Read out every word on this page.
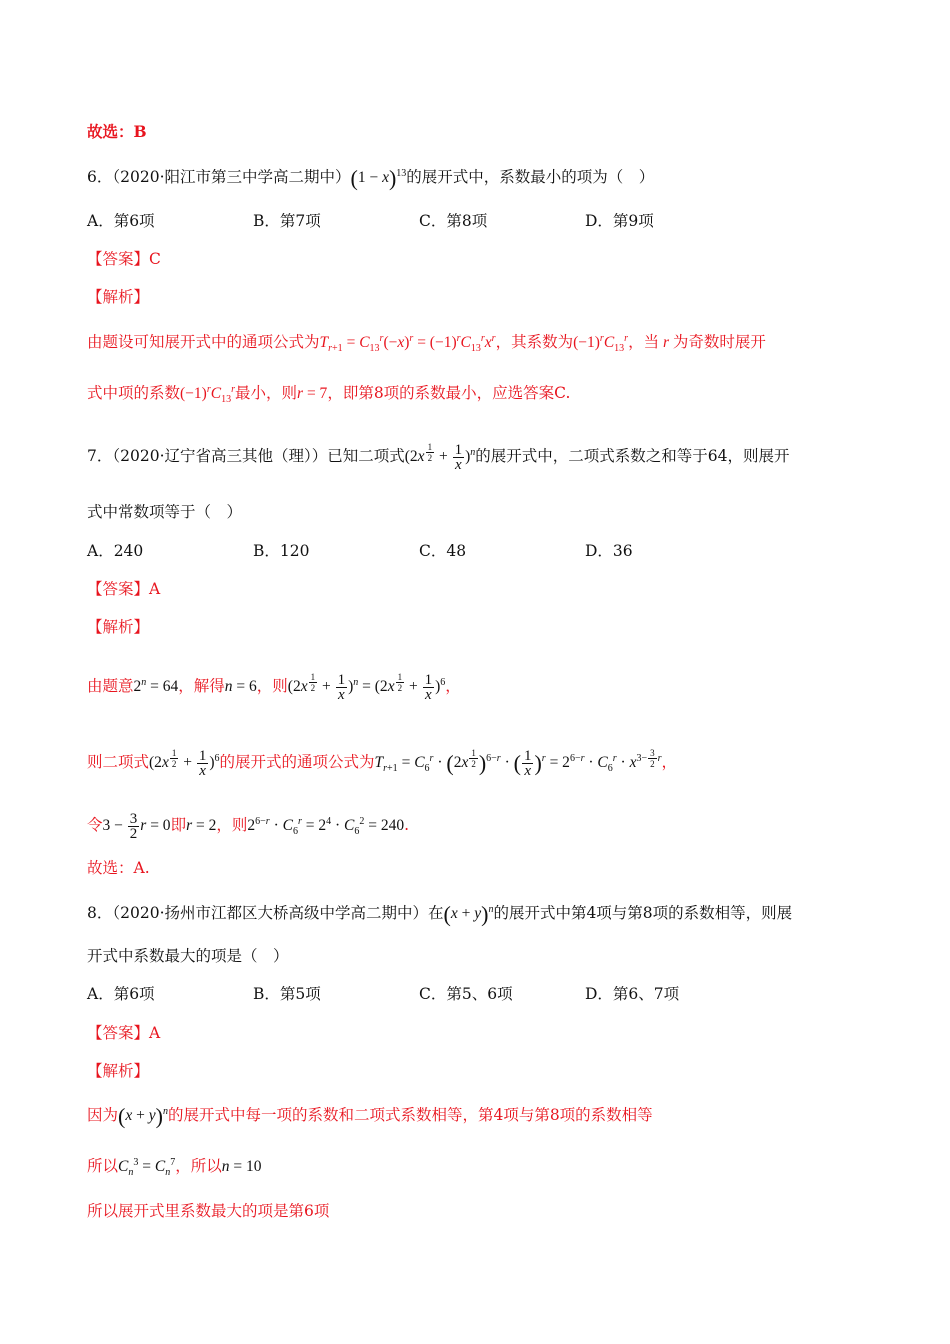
故选：B
6．（2020·阳江市第三中学高二期中）$(1 - x)^{13}$的展开式中，系数最小的项为（　）
A．第6项	B．第7项	C．第8项	D．第9项
【答案】C
【解析】
由题设可知展开式中的通项公式为$T_{r+1} = C_{13}^r(-x)^r = (-1)^rC_{13}^rx^r$，其系数为$(-1)^rC_{13}^r$，当 r 为奇数时展开
式中项的系数$(-1)^rC_{13}^r$最小，则r = 7，即第8项的系数最小，应选答案C.
7．（2020·辽宁省高三其他（理））已知二项式(2x $^{\frac{1}{2}} + \frac{1}{x} )^n$的展开式中，二项式系数之和等于64，则展开
式中常数项等于（　）
A．240	B．120	C．48	D．36
【答案】A
【解析】
由题意$2^n = 64$，解得n = 6，则(2x $^{\frac{1}{2}} + \frac{1}{x} )^n = (2x$ $^{\frac{1}{2}} + \frac{1}{x} )^6$，
则二项式(2x $^{\frac{1}{2}} + \frac{1}{x} )^6$的展开式的通项公式为$T_{r+1} = C_6^r \cdot (2x$ $^{\frac{1}{2}}$ )$^{6-r}$ · ( $\frac{1}{x} )^r = 2^{6-r} \cdot C_6^r \cdot x^{3- \frac{3}{2} r}$，
令$3 - \frac{3}{2}$ r = 0即r = 2，则$2^{6-r} \cdot C_6^r = 2^4 \cdot C_6^2 = 240$.
故选：A.
8．（2020·扬州市江都区大桥高级中学高二期中）在$(x + y)^n$的展开式中第4项与第8项的系数相等，则展
开式中系数最大的项是（　）
A．第6项	B．第5项	C．第5、6项	D．第6、7项
【答案】A
【解析】
因为$(x + y)^n$的展开式中每一项的系数和二项式系数相等，第4项与第8项的系数相等
所以$C_n^3 = C_n^7$，所以n = 10
所以展开式里系数最大的项是第6项
